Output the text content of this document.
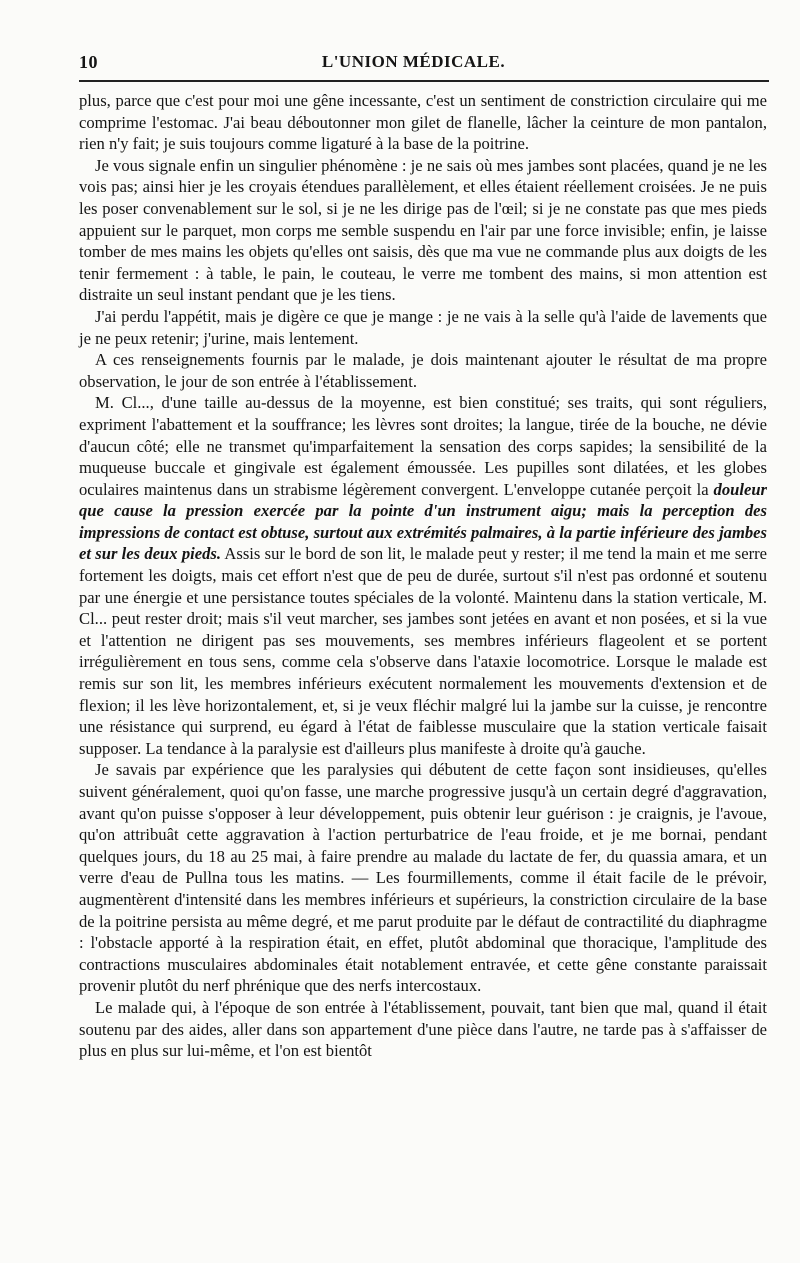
10	L'UNION MÉDICALE.

plus, parce que c'est pour moi une gêne incessante, c'est un sentiment de constriction circulaire qui me comprime l'estomac. J'ai beau déboutonner mon gilet de flanelle, lâcher la ceinture de mon pantalon, rien n'y fait; je suis toujours comme ligaturé à la base de la poitrine.

Je vous signale enfin un singulier phénomène : je ne sais où mes jambes sont placées, quand je ne les vois pas; ainsi hier je les croyais étendues parallèlement, et elles étaient réellement croisées. Je ne puis les poser convenablement sur le sol, si je ne les dirige pas de l'œil; si je ne constate pas que mes pieds appuient sur le parquet, mon corps me semble suspendu en l'air par une force invisible; enfin, je laisse tomber de mes mains les objets qu'elles ont saisis, dès que ma vue ne commande plus aux doigts de les tenir fermement : à table, le pain, le couteau, le verre me tombent des mains, si mon attention est distraite un seul instant pendant que je les tiens.

J'ai perdu l'appétit, mais je digère ce que je mange : je ne vais à la selle qu'à l'aide de lavements que je ne peux retenir; j'urine, mais lentement.

A ces renseignements fournis par le malade, je dois maintenant ajouter le résultat de ma propre observation, le jour de son entrée à l'établissement.

M. Cl..., d'une taille au-dessus de la moyenne, est bien constitué; ses traits, qui sont réguliers, expriment l'abattement et la souffrance; les lèvres sont droites; la langue, tirée de la bouche, ne dévie d'aucun côté; elle ne transmet qu'imparfaitement la sensation des corps sapides; la sensibilité de la muqueuse buccale et gingivale est également émoussée. Les pupilles sont dilatées, et les globes oculaires maintenus dans un strabisme légèrement convergent. L'enveloppe cutanée perçoit la douleur que cause la pression exercée par la pointe d'un instrument aigu; mais la perception des impressions de contact est obtuse, surtout aux extrémités palmaires, à la partie inférieure des jambes et sur les deux pieds. Assis sur le bord de son lit, le malade peut y rester; il me tend la main et me serre fortement les doigts, mais cet effort n'est que de peu de durée, surtout s'il n'est pas ordonné et soutenu par une énergie et une persistance toutes spéciales de la volonté. Maintenu dans la station verticale, M. Cl... peut rester droit; mais s'il veut marcher, ses jambes sont jetées en avant et non posées, et si la vue et l'attention ne dirigent pas ses mouvements, ses membres inférieurs flageolent et se portent irrégulièrement en tous sens, comme cela s'observe dans l'ataxie locomotrice. Lorsque le malade est remis sur son lit, les membres inférieurs exécutent normalement les mouvements d'extension et de flexion; il les lève horizontalement, et, si je veux fléchir malgré lui la jambe sur la cuisse, je rencontre une résistance qui surprend, eu égard à l'état de faiblesse musculaire que la station verticale faisait supposer. La tendance à la paralysie est d'ailleurs plus manifeste à droite qu'à gauche.

Je savais par expérience que les paralysies qui débutent de cette façon sont insidieuses, qu'elles suivent généralement, quoi qu'on fasse, une marche progressive jusqu'à un certain degré d'aggravation, avant qu'on puisse s'opposer à leur développement, puis obtenir leur guérison : je craignis, je l'avoue, qu'on attribuât cette aggravation à l'action perturbatrice de l'eau froide, et je me bornai, pendant quelques jours, du 18 au 25 mai, à faire prendre au malade du lactate de fer, du quassia amara, et un verre d'eau de Pullna tous les matins. — Les fourmillements, comme il était facile de le prévoir, augmentèrent d'intensité dans les membres inférieurs et supérieurs, la constriction circulaire de la base de la poitrine persista au même degré, et me parut produite par le défaut de contractilité du diaphragme : l'obstacle apporté à la respiration était, en effet, plutôt abdominal que thoracique, l'amplitude des contractions musculaires abdominales était notablement entravée, et cette gêne constante paraissait provenir plutôt du nerf phrénique que des nerfs intercostaux.

Le malade qui, à l'époque de son entrée à l'établissement, pouvait, tant bien que mal, quand il était soutenu par des aides, aller dans son appartement d'une pièce dans l'autre, ne tarde pas à s'affaisser de plus en plus sur lui-même, et l'on est bientôt
